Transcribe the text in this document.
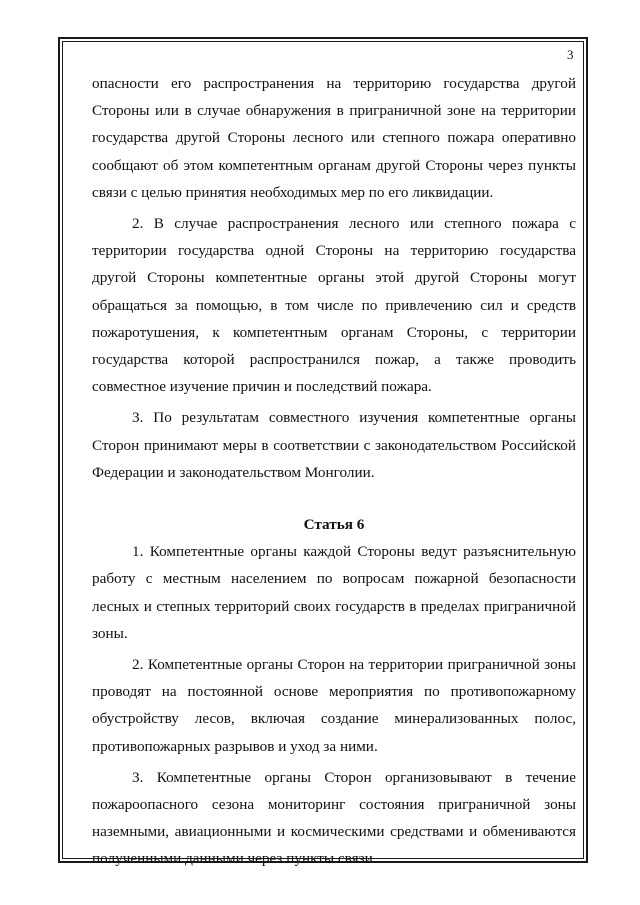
3

опасности его распространения на территорию государства другой Стороны или в случае обнаружения в приграничной зоне на территории государства другой Стороны лесного или степного пожара оперативно сообщают об этом компетентным органам другой Стороны через пункты связи с целью принятия необходимых мер по его ликвидации.

2. В случае распространения лесного или степного пожара с территории государства одной Стороны на территорию государства другой Стороны компетентные органы этой другой Стороны могут обращаться за помощью, в том числе по привлечению сил и средств пожаротушения, к компетентным органам Стороны, с территории государства которой распространился пожар, а также проводить совместное изучение причин и последствий пожара.

3. По результатам совместного изучения компетентные органы Сторон принимают меры в соответствии с законодательством Российской Федерации и законодательством Монголии.

Статья 6

1. Компетентные органы каждой Стороны ведут разъяснительную работу с местным населением по вопросам пожарной безопасности лесных и степных территорий своих государств в пределах приграничной зоны.

2. Компетентные органы Сторон на территории приграничной зоны проводят на постоянной основе мероприятия по противопожарному обустройству лесов, включая создание минерализованных полос, противопожарных разрывов и уход за ними.

3. Компетентные органы Сторон организовывают в течение пожароопасного сезона мониторинг состояния приграничной зоны наземными, авиационными и космическими средствами и обмениваются полученными данными через пункты связи.
